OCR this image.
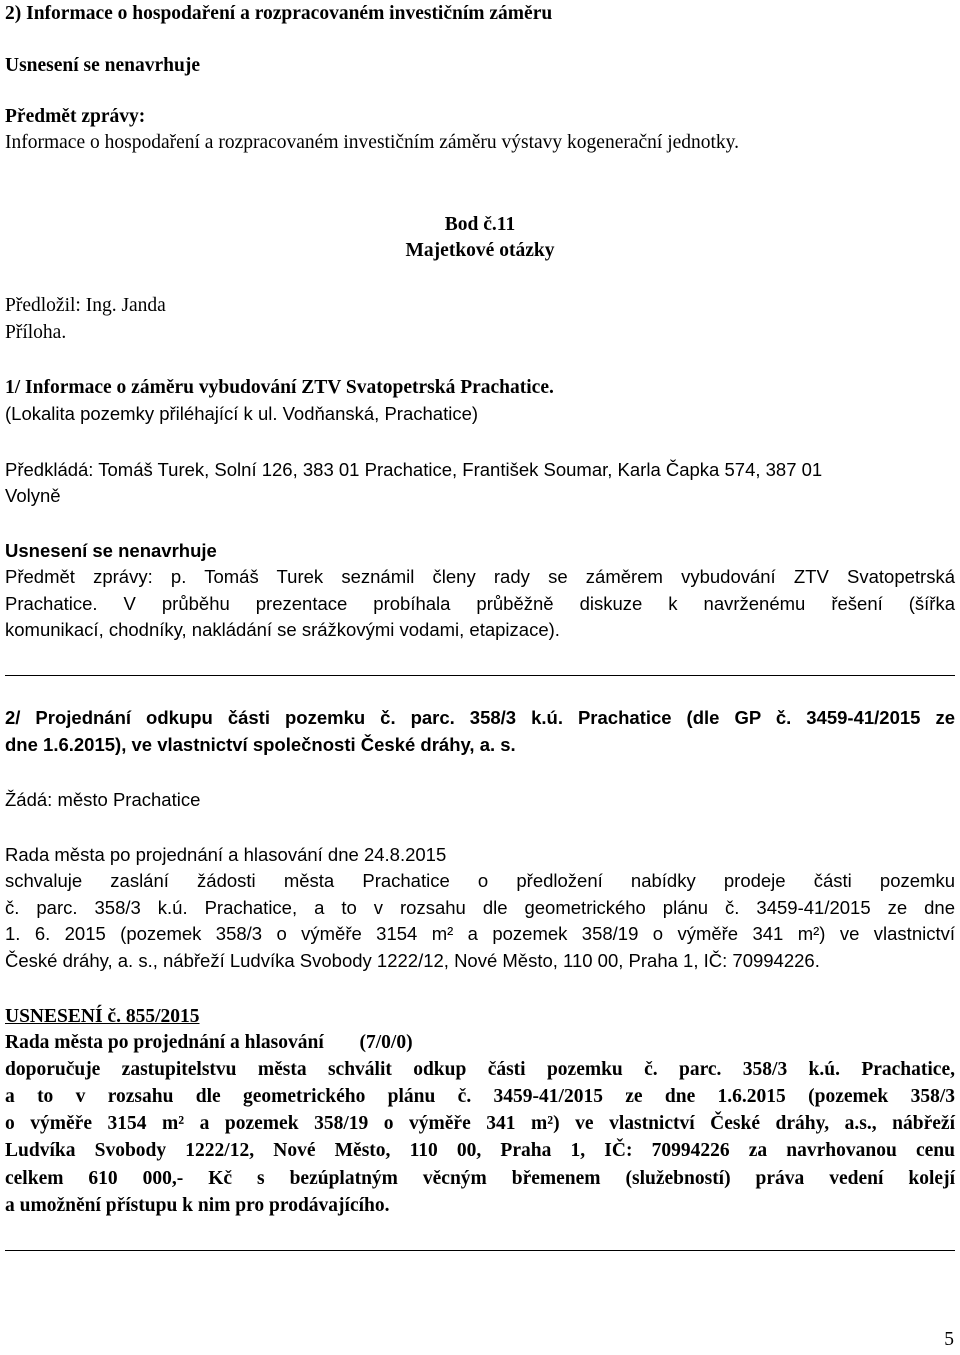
2) Informace o hospodaření a rozpracovaném investičním záměru
Usnesení se nenavrhuje
Předmět zprávy:
Informace o hospodaření a rozpracovaném investičním záměru výstavy kogenerační jednotky.
Bod č.11
Majetkové otázky
Předložil: Ing. Janda
Příloha.
1/ Informace o záměru vybudování ZTV Svatopetrská Prachatice.
(Lokalita pozemky přiléhající k ul. Vodňanská, Prachatice)
Předkládá: Tomáš Turek, Solní 126, 383 01 Prachatice, František Soumar, Karla Čapka 574, 387 01
Volyně
Usnesení se nenavrhuje
Předmět zprávy: p. Tomáš Turek seznámil členy rady se záměrem vybudování ZTV Svatopetrská
Prachatice. V průběhu prezentace probíhala průběžně diskuze k navrženému řešení (šířka
komunikací, chodníky, nakládání se srážkovými vodami, etapizace).
2/ Projednání odkupu části pozemku č. parc. 358/3 k.ú. Prachatice (dle GP č. 3459-41/2015 ze
dne 1.6.2015), ve vlastnictví společnosti České dráhy, a. s.
Žádá: město Prachatice
Rada města po projednání a hlasování dne 24.8.2015
schvaluje zaslání žádosti města Prachatice o předložení nabídky prodeje části pozemku
č. parc. 358/3 k.ú. Prachatice, a to v rozsahu dle geometrického plánu č. 3459-41/2015 ze dne
1. 6. 2015 (pozemek 358/3 o výměře 3154 m² a pozemek 358/19 o výměře 341 m²) ve vlastnictví
České dráhy, a. s., nábřeží Ludvíka Svobody 1222/12, Nové Město, 110 00, Praha 1, IČ: 70994226.
USNESENÍ č. 855/2015
Rada města po projednání a hlasování (7/0/0)
doporučuje zastupitelstvu města schválit odkup části pozemku č. parc. 358/3 k.ú. Prachatice,
a to v rozsahu dle geometrického plánu č. 3459-41/2015 ze dne 1.6.2015 (pozemek 358/3
o výměře 3154 m² a pozemek 358/19 o výměře 341 m²) ve vlastnictví České dráhy, a.s., nábřeží
Ludvíka Svobody 1222/12, Nové Město, 110 00, Praha 1, IČ: 70994226 za navrhovanou cenu
celkem 610 000,- Kč s bezúplatným věcným břemenem (služebností) práva vedení kolejí
a umožnění přístupu k nim pro prodávajícího.
5
